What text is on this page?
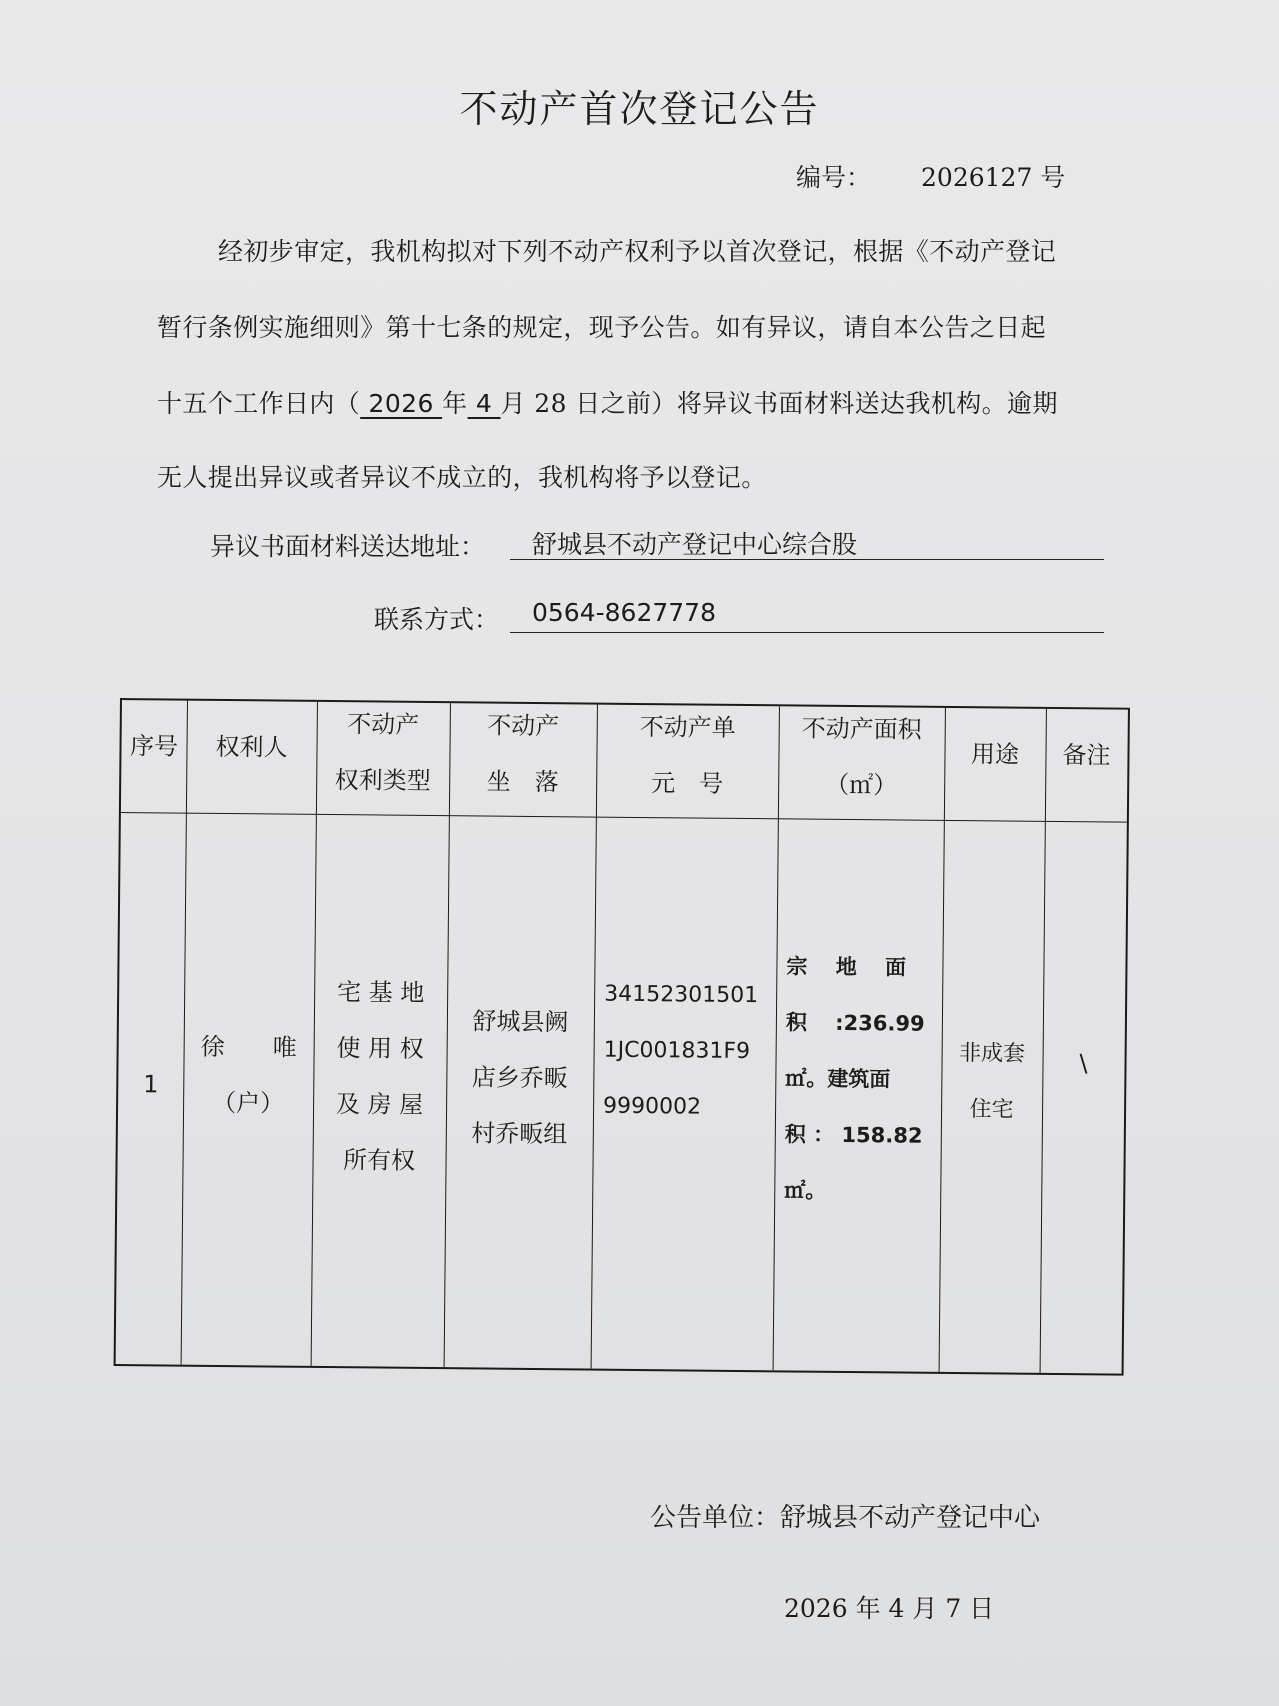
不动产首次登记公告
编号： 2026127 号
经初步审定，我机构拟对下列不动产权利予以首次登记，根据《不动产登记
暂行条例实施细则》第十七条的规定，现予公告。如有异议，请自本公告之日起
十五个工作日内（ 2026 年 4 月 28 日之前）将异议书面材料送达我机构。逾期
无人提出异议或者异议不成立的，我机构将予以登记。
异议书面材料送达地址： 舒城县不动产登记中心综合股
联系方式： 0564-8627778
序号	权利人
不动产
权利类型
不动产
坐　落
不动产单
元　号
不动产面积
（㎡）
用途	备注
1
徐　　唯
（户）
宅 基 地
使 用 权
及 房 屋
所有权
舒城县阙
店乡乔畈
村乔畈组
34152301501
1JC001831F9
9990002
宗　 地　 面
积　 :236.99
㎡。建筑面
积 ： 158.82
㎡。
非成套
住宅
\
公告单位：舒城县不动产登记中心
2026 年 4 月 7 日
